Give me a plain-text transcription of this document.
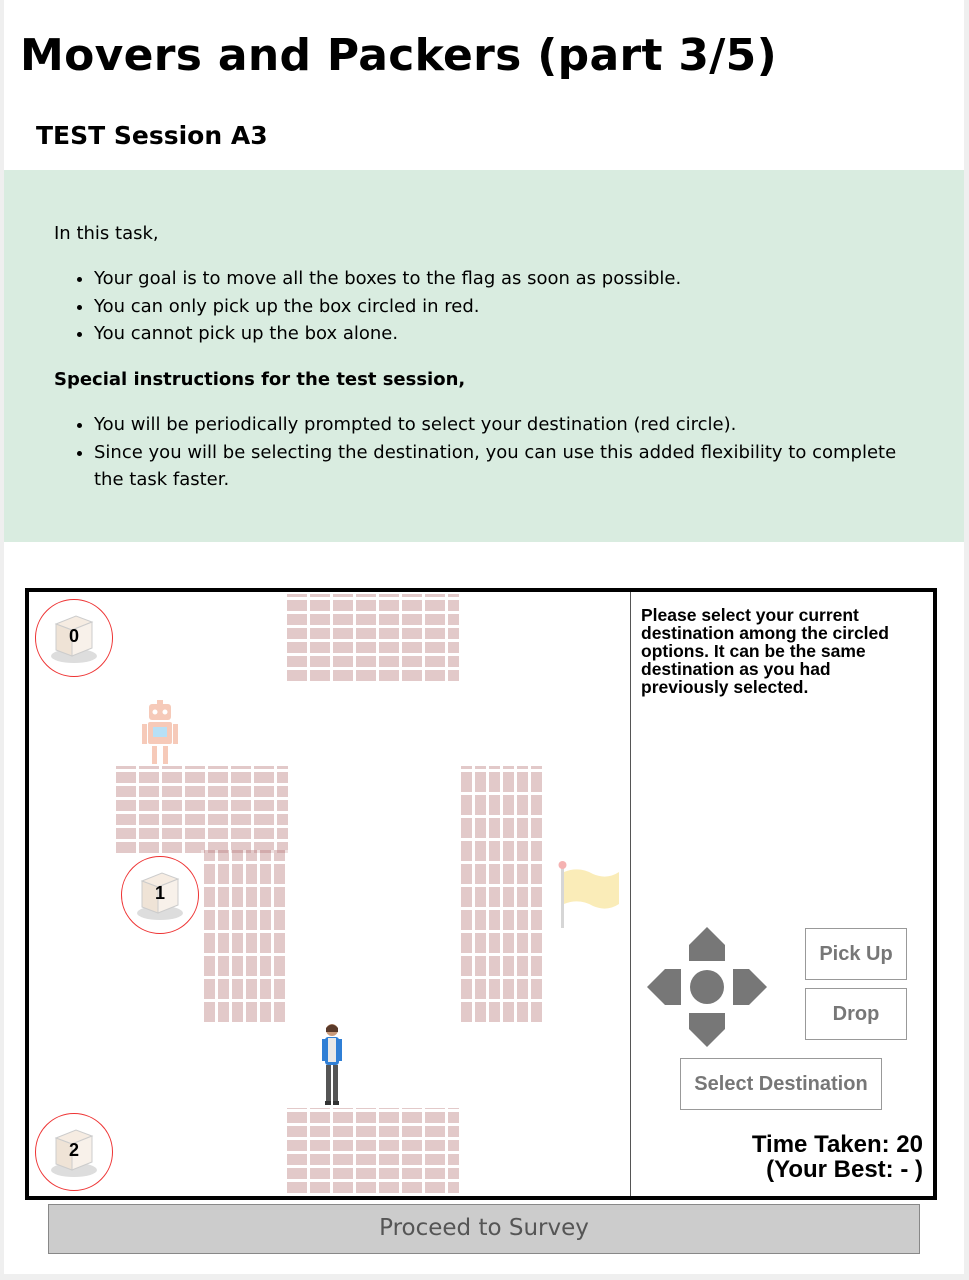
Movers and Packers (part 3/5)
TEST Session A3

In this task,

• Your goal is to move all the boxes to the flag as soon as possible.
• You can only pick up the box circled in red.
• You cannot pick up the box alone.

Special instructions for the test session,

• You will be periodically prompted to select your destination (red circle).
• Since you will be selecting the destination, you can use this added flexibility to complete the task faster.
0
1
2
Please select your current destination among the circled options. It can be the same destination as you had previously selected.
Pick Up
Drop
Select Destination
Time Taken: 20
(Your Best: - )
Proceed to Survey
